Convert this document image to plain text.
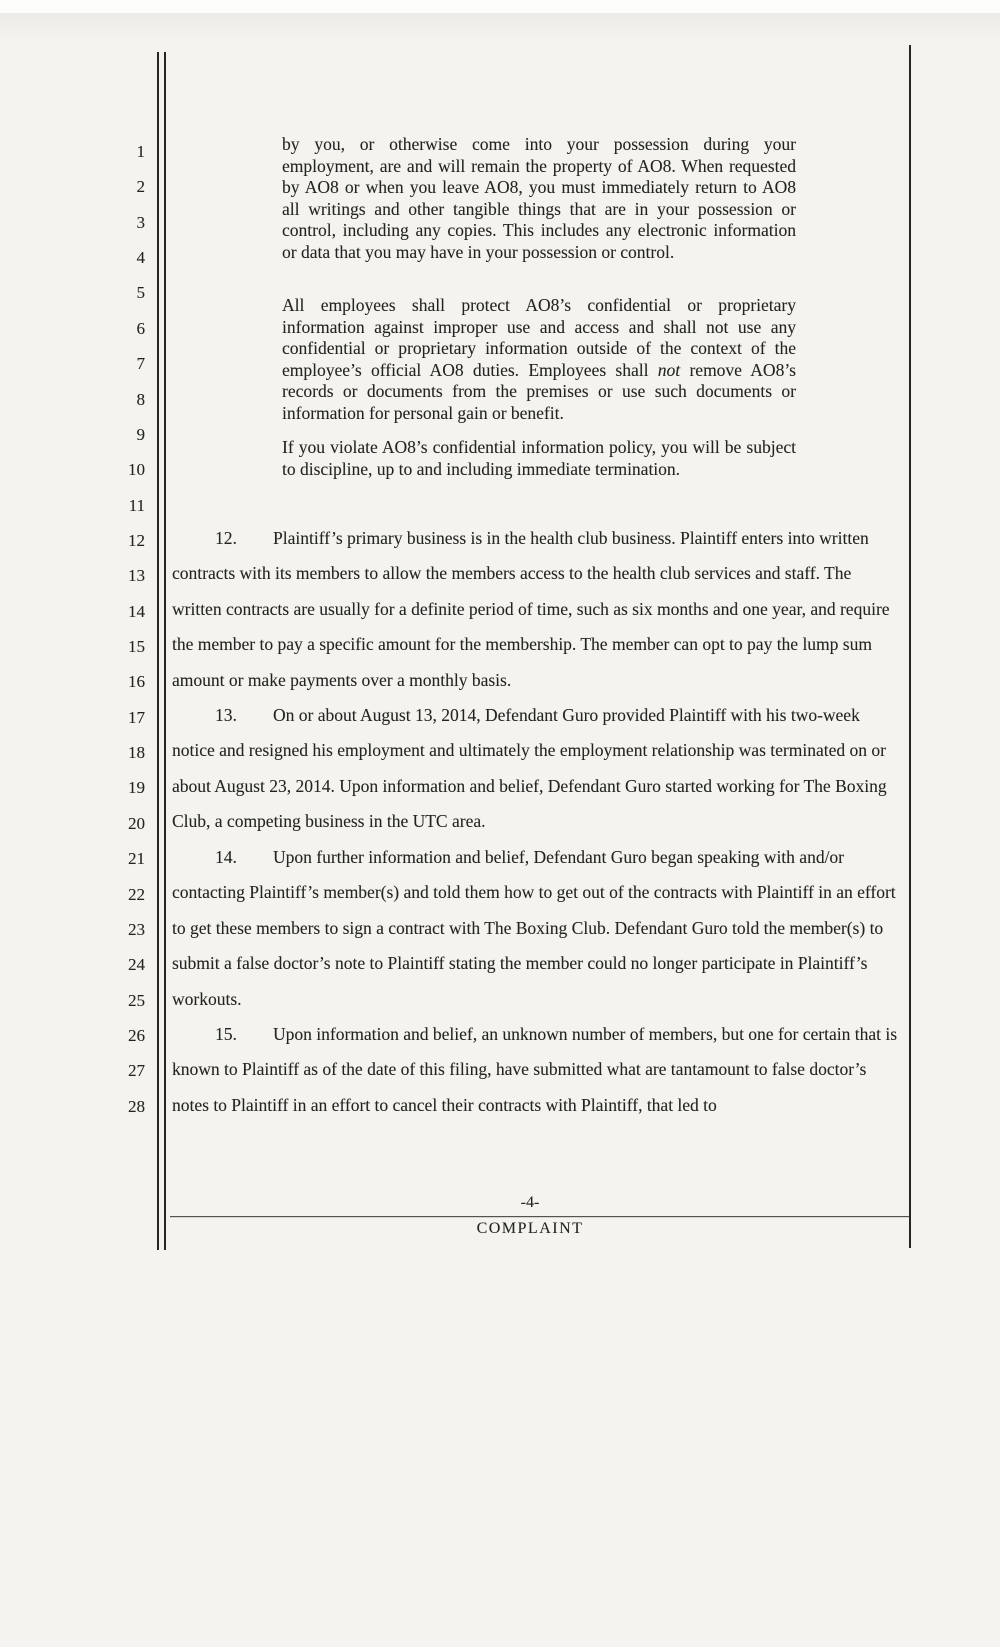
1
2
3
4
5
6
7
8
9
10
11
12
13
14
15
16
17
18
19
20
21
22
23
24
25
26
27
28
by you, or otherwise come into your possession during your employment, are and will remain the property of AO8. When requested by AO8 or when you leave AO8, you must immediately return to AO8 all writings and other tangible things that are in your possession or control, including any copies. This includes any electronic information or data that you may have in your possession or control.
All employees shall protect AO8’s confidential or proprietary information against improper use and access and shall not use any confidential or proprietary information outside of the context of the employee’s official AO8 duties. Employees shall not remove AO8’s records or documents from the premises or use such documents or information for personal gain or benefit.
If you violate AO8’s confidential information policy, you will be subject to discipline, up to and including immediate termination.

12. Plaintiff’s primary business is in the health club business. Plaintiff enters into written contracts with its members to allow the members access to the health club services and staff. The written contracts are usually for a definite period of time, such as six months and one year, and require the member to pay a specific amount for the membership. The member can opt to pay the lump sum amount or make payments over a monthly basis.

13. On or about August 13, 2014, Defendant Guro provided Plaintiff with his two-week notice and resigned his employment and ultimately the employment relationship was terminated on or about August 23, 2014. Upon information and belief, Defendant Guro started working for The Boxing Club, a competing business in the UTC area.

14. Upon further information and belief, Defendant Guro began speaking with and/or contacting Plaintiff’s member(s) and told them how to get out of the contracts with Plaintiff in an effort to get these members to sign a contract with The Boxing Club. Defendant Guro told the member(s) to submit a false doctor’s note to Plaintiff stating the member could no longer participate in Plaintiff’s workouts.

15. Upon information and belief, an unknown number of members, but one for certain that is known to Plaintiff as of the date of this filing, have submitted what are tantamount to false doctor’s notes to Plaintiff in an effort to cancel their contracts with Plaintiff, that led to

-4-
COMPLAINT
